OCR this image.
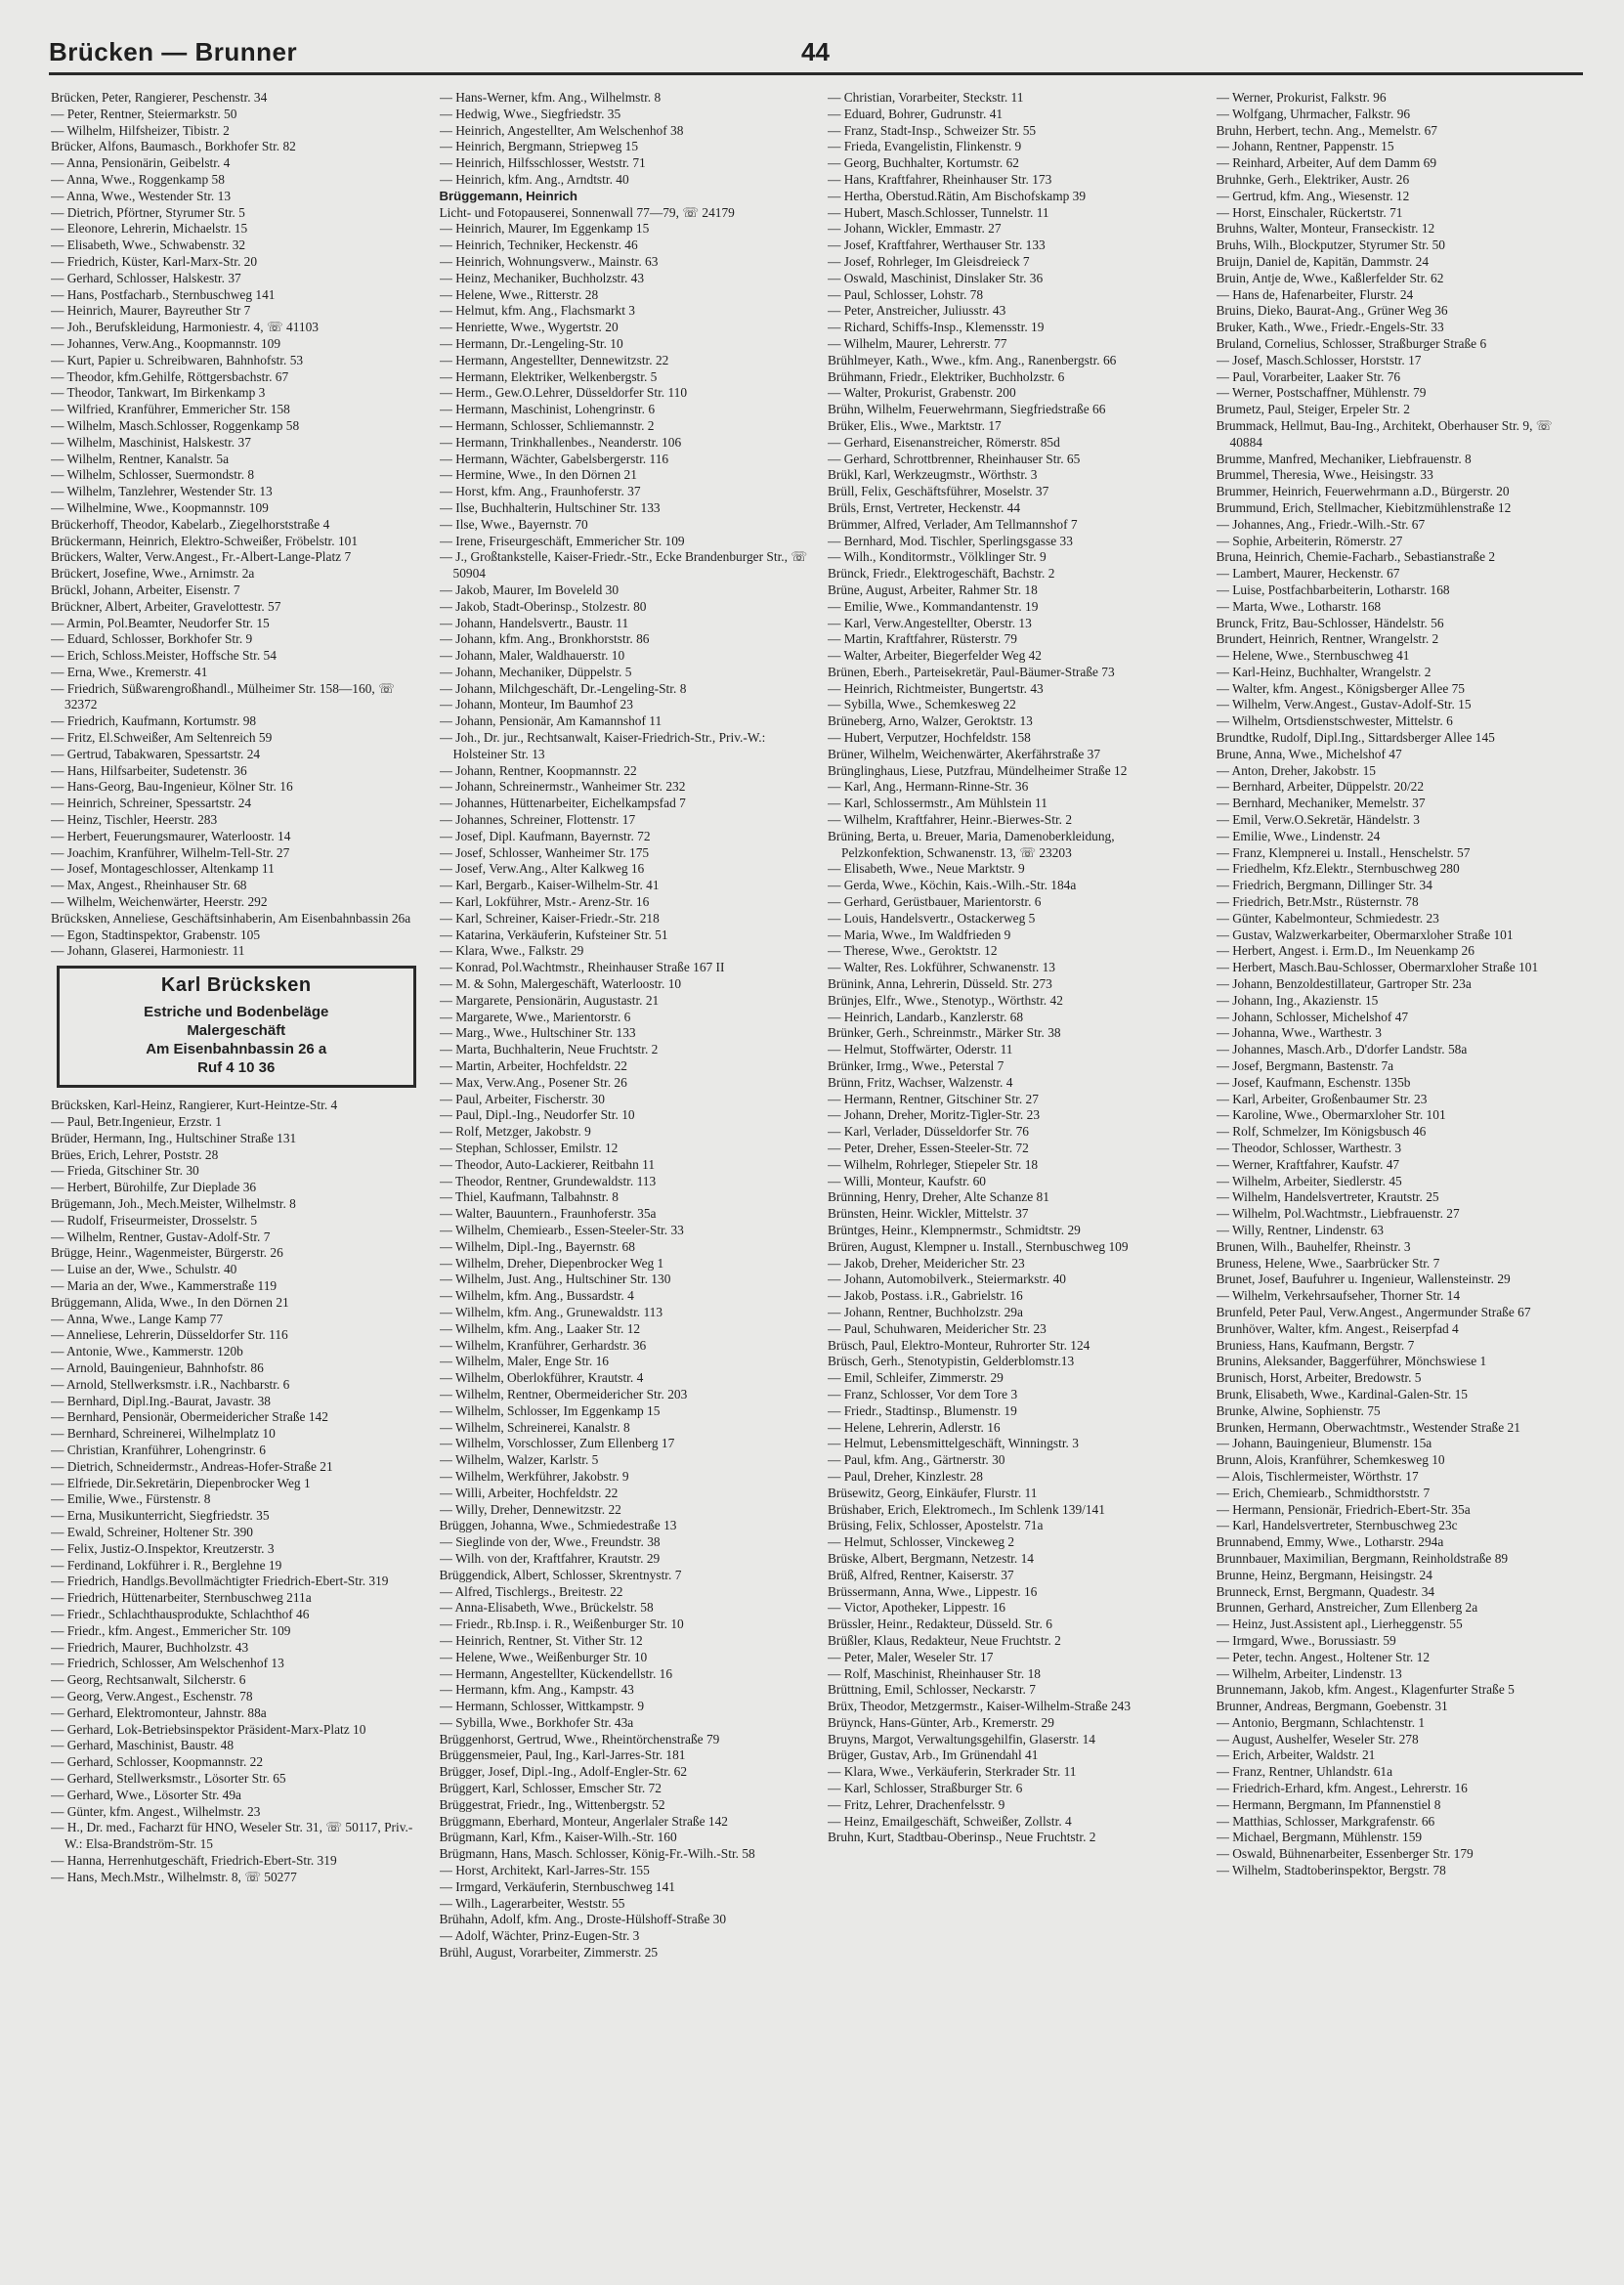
Brücken — Brunner	44
Brücken, Peter, Rangierer, Peschenstr. 34
— Peter, Rentner, Steiermarkstr. 50
— Wilhelm, Hilfsheizer, Tibistr. 2
Brücker, Alfons, Baumasch., Borkhofer Str. 82
— Anna, Pensionärin, Geibelstr. 4
— Anna, Wwe., Roggenkamp 58
— Anna, Wwe., Westender Str. 13
— Dietrich, Pförtner, Styrumer Str. 5
— Eleonore, Lehrerin, Michaelstr. 15
— Elisabeth, Wwe., Schwabenstr. 32
— Friedrich, Küster, Karl-Marx-Str. 20
— Gerhard, Schlosser, Halskestr. 37
— Hans, Postfacharb., Sternbuschweg 141
— Heinrich, Maurer, Bayreuther Str 7
— Joh., Berufskleidung, Harmoniestr. 4, ☏ 41103
— Johannes, Verw.Ang., Koopmannstr. 109
— Kurt, Papier u. Schreibwaren, Bahnhofstr. 53
— Theodor, kfm.Gehilfe, Röttgersbachstr. 67
— Theodor, Tankwart, Im Birkenkamp 3
— Wilfried, Kranführer, Emmericher Str. 158
— Wilhelm, Masch.Schlosser, Roggenkamp 58
— Wilhelm, Maschinist, Halskestr. 37
— Wilhelm, Rentner, Kanalstr. 5a
— Wilhelm, Schlosser, Suermondstr. 8
— Wilhelm, Tanzlehrer, Westender Str. 13
— Wilhelmine, Wwe., Koopmannstr. 109
Brückerhoff, Theodor, Kabelarb., Ziegelhorststraße 4
Brückermann, Heinrich, Elektro-Schweißer, Fröbelstr. 101
Brückers, Walter, Verw.Angest., Fr.-Albert-Lange-Platz 7
Brückert, Josefine, Wwe., Arnimstr. 2a
Brückl, Johann, Arbeiter, Eisenstr. 7
Brückner, Albert, Arbeiter, Gravelottestr. 57
— Armin, Pol.Beamter, Neudorfer Str. 15
— Eduard, Schlosser, Borkhofer Str. 9
— Erich, Schloss.Meister, Hoffsche Str. 54
— Erna, Wwe., Kremerstr. 41
— Friedrich, Süßwarengroßhandl., Mülheimer Str. 158—160, ☏ 32372
— Friedrich, Kaufmann, Kortumstr. 98
— Fritz, El.Schweißer, Am Seltenreich 59
— Gertrud, Tabakwaren, Spessartstr. 24
— Hans, Hilfsarbeiter, Sudetenstr. 36
— Hans-Georg, Bau-Ingenieur, Kölner Str. 16
— Heinrich, Schreiner, Spessartstr. 24
— Heinz, Tischler, Heerstr. 283
— Herbert, Feuerungsmaurer, Waterloostr. 14
— Joachim, Kranführer, Wilhelm-Tell-Str. 27
— Josef, Montageschlosser, Altenkamp 11
— Max, Angest., Rheinhauser Str. 68
— Wilhelm, Weichenwärter, Heerstr. 292
Brücksken, Anneliese, Geschäftsinhaberin, Am Eisenbahnbassin 26a
— Egon, Stadtinspektor, Grabenstr. 105
— Johann, Glaserei, Harmoniestr. 11
Karl Brücksken
Estriche und Bodenbeläge
Malergeschäft
Am Eisenbahnbassin 26 a
Ruf 4 10 36
Brücksken, Karl-Heinz, Rangierer, Kurt-Heintze-Str. 4
— Paul, Betr.Ingenieur, Erzstr. 1
Brüder, Hermann, Ing., Hultschiner Straße 131
Brües, Erich, Lehrer, Poststr. 28
— Frieda, Gitschiner Str. 30
— Herbert, Bürohilfe, Zur Dieplade 36
Brügemann, Joh., Mech.Meister, Wilhelmstr. 8
— Rudolf, Friseurmeister, Drosselstr. 5
— Wilhelm, Rentner, Gustav-Adolf-Str. 7
Brügge, Heinr., Wagenmeister, Bürgerstr. 26
— Luise an der, Wwe., Schulstr. 40
— Maria an der, Wwe., Kammerstraße 119
Brüggemann, Alida, Wwe., In den Dörnen 21
— Anna, Wwe., Lange Kamp 77
— Anneliese, Lehrerin, Düsseldorfer Str. 116
— Antonie, Wwe., Kammerstr. 120b
— Arnold, Bauingenieur, Bahnhofstr. 86
— Arnold, Stellwerksmstr. i.R., Nachbarstr. 6
— Bernhard, Dipl.Ing.-Baurat, Javastr. 38
— Bernhard, Pensionär, Obermeidericher Straße 142
— Bernhard, Schreinerei, Wilhelmplatz 10
— Christian, Kranführer, Lohengrinstr. 6
— Dietrich, Schneidermstr., Andreas-Hofer-Straße 21
— Elfriede, Dir.Sekretärin, Diepenbrocker Weg 1
— Emilie, Wwe., Fürstenstr. 8
— Erna, Musikunterricht, Siegfriedstr. 35
— Ewald, Schreiner, Holtener Str. 390
— Felix, Justiz-O.Inspektor, Kreutzerstr. 3
— Ferdinand, Lokführer i. R., Berglehne 19
— Friedrich, Handlgs.Bevollmächtigter Friedrich-Ebert-Str. 319
— Friedrich, Hüttenarbeiter, Sternbuschweg 211a
— Friedr., Schlachthausprodukte, Schlachthof 46
— Friedr., kfm. Angest., Emmericher Str. 109
— Friedrich, Maurer, Buchholzstr. 43
— Friedrich, Schlosser, Am Welschenhof 13
— Georg, Rechtsanwalt, Silcherstr. 6
— Georg, Verw.Angest., Eschenstr. 78
— Gerhard, Elektromonteur, Jahnstr. 88a
— Gerhard, Lok-Betriebsinspektor Präsident-Marx-Platz 10
— Gerhard, Maschinist, Baustr. 48
— Gerhard, Schlosser, Koopmannstr. 22
— Gerhard, Stellwerksmstr., Lösorter Str. 65
— Gerhard, Wwe., Lösorter Str. 49a
— Günter, kfm. Angest., Wilhelmstr. 23
— H., Dr. med., Facharzt für HNO, Weseler Str. 31, ☏ 50117, Priv.-W.: Elsa-Brandström-Str. 15
— Hanna, Herrenhutgeschäft, Friedrich-Ebert-Str. 319
— Hans, Mech.Mstr., Wilhelmstr. 8, ☏ 50277
— Hans-Werner, kfm. Ang., Wilhelmstr. 8
— Hedwig, Wwe., Siegfriedstr. 35
— Heinrich, Angestellter, Am Welschenhof 38
— Heinrich, Bergmann, Striepweg 15
— Heinrich, Hilfsschlosser, Weststr. 71
— Heinrich, kfm. Ang., Arndtstr. 40
Brüggemann, Heinrich
Licht- und Fotopauserei, Sonnenwall 77—79, ☏ 24179
— Heinrich, Maurer, Im Eggenkamp 15
— Heinrich, Techniker, Heckenstr. 46
— Heinrich, Wohnungsverw., Mainstr. 63
— Heinz, Mechaniker, Buchholzstr. 43
— Helene, Wwe., Ritterstr. 28
— Helmut, kfm. Ang., Flachsmarkt 3
— Henriette, Wwe., Wygertstr. 20
— Hermann, Dr.-Lengeling-Str. 10
— Hermann, Angestellter, Dennewitzstr. 22
— Hermann, Elektriker, Welkenbergstr. 5
— Herm., Gew.O.Lehrer, Düsseldorfer Str. 110
— Hermann, Maschinist, Lohengrinstr. 6
— Hermann, Schlosser, Schliemannstr. 2
— Hermann, Trinkhallenbes., Neanderstr. 106
— Hermann, Wächter, Gabelsbergerstr. 116
— Hermine, Wwe., In den Dörnen 21
— Horst, kfm. Ang., Fraunhoferstr. 37
— Ilse, Buchhalterin, Hultschiner Str. 133
— Ilse, Wwe., Bayernstr. 70
— Irene, Friseurgeschäft, Emmericher Str. 109
— J., Großtankstelle, Kaiser-Friedr.-Str., Ecke Brandenburger Str., ☏ 50904
— Jakob, Maurer, Im Boveleld 30
— Jakob, Stadt-Oberinsp., Stolzestr. 80
— Johann, Handelsvertr., Baustr. 11
— Johann, kfm. Ang., Bronkhorststr. 86
— Johann, Maler, Waldhauerstr. 10
— Johann, Mechaniker, Düppelstr. 5
— Johann, Milchgeschäft, Dr.-Lengeling-Str. 8
— Johann, Monteur, Im Baumhof 23
— Johann, Pensionär, Am Kamannshof 11
— Joh., Dr. jur., Rechtsanwalt, Kaiser-Friedrich-Str., Priv.-W.: Holsteiner Str. 13
— Johann, Rentner, Koopmannstr. 22
— Johann, Schreinermstr., Wanheimer Str. 232
— Johannes, Hüttenarbeiter, Eichelkampsfad 7
— Johannes, Schreiner, Flottenstr. 17
— Josef, Dipl. Kaufmann, Bayernstr. 72
— Josef, Schlosser, Wanheimer Str. 175
— Josef, Verw.Ang., Alter Kalkweg 16
— Karl, Bergarb., Kaiser-Wilhelm-Str. 41
— Karl, Lokführer, Mstr.- Arenz-Str. 16
— Karl, Schreiner, Kaiser-Friedr.-Str. 218
— Katarina, Verkäuferin, Kufsteiner Str. 51
— Klara, Wwe., Falkstr. 29
— Konrad, Pol.Wachtmstr., Rheinhauser Straße 167 II
— M. & Sohn, Malergeschäft, Waterloostr. 10
— Margarete, Pensionärin, Augustastr. 21
— Margarete, Wwe., Marientorstr. 6
— Marg., Wwe., Hultschiner Str. 133
— Marta, Buchhalterin, Neue Fruchtstr. 2
— Martin, Arbeiter, Hochfeldstr. 22
— Max, Verw.Ang., Posener Str. 26
— Paul, Arbeiter, Fischerstr. 30
— Paul, Dipl.-Ing., Neudorfer Str. 10
— Rolf, Metzger, Jakobstr. 9
— Stephan, Schlosser, Emilstr. 12
— Theodor, Auto-Lackierer, Reitbahn 11
— Theodor, Rentner, Grundewaldstr. 113
— Thiel, Kaufmann, Talbahnstr. 8
— Walter, Bauuntern., Fraunhoferstr. 35a
— Wilhelm, Chemiearb., Essen-Steeler-Str. 33
— Wilhelm, Dipl.-Ing., Bayernstr. 68
— Wilhelm, Dreher, Diepenbrocker Weg 1
— Wilhelm, Just. Ang., Hultschiner Str. 130
— Wilhelm, kfm. Ang., Bussardstr. 4
— Wilhelm, kfm. Ang., Grunewaldstr. 113
— Wilhelm, kfm. Ang., Laaker Str. 12
— Wilhelm, Kranführer, Gerhardstr. 36
— Wilhelm, Maler, Enge Str. 16
— Wilhelm, Oberlokführer, Krautstr. 4
— Wilhelm, Rentner, Obermeidericher Str. 203
— Wilhelm, Schlosser, Im Eggenkamp 15
— Wilhelm, Schreinerei, Kanalstr. 8
— Wilhelm, Vorschlosser, Zum Ellenberg 17
— Wilhelm, Walzer, Karlstr. 5
— Wilhelm, Werkführer, Jakobstr. 9
— Willi, Arbeiter, Hochfeldstr. 22
— Willy, Dreher, Dennewitzstr. 22
Brüggen, Johanna, Wwe., Schmiedestraße 13
— Sieglinde von der, Wwe., Freundstr. 38
— Wilh. von der, Kraftfahrer, Krautstr. 29
Brüggendick, Albert, Schlosser, Skrentnystr. 7
— Alfred, Tischlergs., Breitestr. 22
— Anna-Elisabeth, Wwe., Brückelstr. 58
— Friedr., Rb.Insp. i. R., Weißenburger Str. 10
— Heinrich, Rentner, St. Vither Str. 12
— Helene, Wwe., Weißenburger Str. 10
— Hermann, Angestellter, Kückendellstr. 16
— Hermann, kfm. Ang., Kampstr. 43
— Hermann, Schlosser, Wittkampstr. 9
— Sybilla, Wwe., Borkhofer Str. 43a
Brüggenhorst, Gertrud, Wwe., Rheintörchenstraße 79
Brüggensmeier, Paul, Ing., Karl-Jarres-Str. 181
Brügger, Josef, Dipl.-Ing., Adolf-Engler-Str. 62
Brüggert, Karl, Schlosser, Emscher Str. 72
Brüggestrat, Friedr., Ing., Wittenbergstr. 52
Brüggmann, Eberhard, Monteur, Angerlaler Straße 142
Brügmann, Karl, Kfm., Kaiser-Wilh.-Str. 160
Brügmann, Hans, Masch. Schlosser, König-Fr.-Wilh.-Str. 58
— Horst, Architekt, Karl-Jarres-Str. 155
— Irmgard, Verkäuferin, Sternbuschweg 141
— Wilh., Lagerarbeiter, Weststr. 55
Brühahn, Adolf, kfm. Ang., Droste-Hülshoff-Straße 30
— Adolf, Wächter, Prinz-Eugen-Str. 3
Brühl, August, Vorarbeiter, Zimmerstr. 25
— Christian, Vorarbeiter, Steckstr. 11
— Eduard, Bohrer, Gudrunstr. 41
— Franz, Stadt-Insp., Schweizer Str. 55
— Frieda, Evangelistin, Flinkenstr. 9
— Georg, Buchhalter, Kortumstr. 62
— Hans, Kraftfahrer, Rheinhauser Str. 173
— Hertha, Oberstud.Rätin, Am Bischofskamp 39
— Hubert, Masch.Schlosser, Tunnelstr. 11
— Johann, Wickler, Emmastr. 27
— Josef, Kraftfahrer, Werthauser Str. 133
— Josef, Rohrleger, Im Gleisdreieck 7
— Oswald, Maschinist, Dinslaker Str. 36
— Paul, Schlosser, Lohstr. 78
— Peter, Anstreicher, Juliusstr. 43
— Richard, Schiffs-Insp., Klemensstr. 19
— Wilhelm, Maurer, Lehrerstr. 77
Brühlmeyer, Kath., Wwe., kfm. Ang., Ranenbergstr. 66
Brühmann, Friedr., Elektriker, Buchholzstr. 6
— Walter, Prokurist, Grabenstr. 200
Brühn, Wilhelm, Feuerwehrmann, Siegfriedstraße 66
Brüker, Elis., Wwe., Marktstr. 17
— Gerhard, Eisenanstreicher, Römerstr. 85d
— Gerhard, Schrottbrenner, Rheinhauser Str. 65
Brükl, Karl, Werkzeugmstr., Wörthstr. 3
Brüll, Felix, Geschäftsführer, Moselstr. 37
Brüls, Ernst, Vertreter, Heckenstr. 44
Brümmer, Alfred, Verlader, Am Tellmannshof 7
— Bernhard, Mod. Tischler, Sperlingsgasse 33
— Wilh., Konditormstr., Völklinger Str. 9
Brünck, Friedr., Elektrogeschäft, Bachstr. 2
Brüne, August, Arbeiter, Rahmer Str. 18
— Emilie, Wwe., Kommandantenstr. 19
— Karl, Verw.Angestellter, Oberstr. 13
— Martin, Kraftfahrer, Rüsterstr. 79
— Walter, Arbeiter, Biegerfelder Weg 42
Brünen, Eberh., Parteisekretär, Paul-Bäumer-Straße 73
— Heinrich, Richtmeister, Bungertstr. 43
— Sybilla, Wwe., Schemkesweg 22
Brüneberg, Arno, Walzer, Geroktstr. 13
— Hubert, Verputzer, Hochfeldstr. 158
Brüner, Wilhelm, Weichenwärter, Akerfährstraße 37
Brünglinghaus, Liese, Putzfrau, Mündelheimer Straße 12
— Karl, Ang., Hermann-Rinne-Str. 36
— Karl, Schlossermstr., Am Mühlstein 11
— Wilhelm, Kraftfahrer, Heinr.-Bierwes-Str. 2
Brüning, Berta, u. Breuer, Maria, Damenoberkleidung, Pelzkonfektion, Schwanenstr. 13, ☏ 23203
— Elisabeth, Wwe., Neue Marktstr. 9
— Gerda, Wwe., Köchin, Kais.-Wilh.-Str. 184a
— Gerhard, Gerüstbauer, Marientorstr. 6
— Louis, Handelsvertr., Ostackerweg 5
— Maria, Wwe., Im Waldfrieden 9
— Therese, Wwe., Geroktstr. 12
— Walter, Res. Lokführer, Schwanenstr. 13
Brünink, Anna, Lehrerin, Düsseld. Str. 273
Brünjes, Elfr., Wwe., Stenotyp., Wörthstr. 42
— Heinrich, Landarb., Kanzlerstr. 68
Brünker, Gerh., Schreinmstr., Märker Str. 38
— Helmut, Stoffwärter, Oderstr. 11
Brünker, Irmg., Wwe., Peterstal 7
Brünn, Fritz, Wachser, Walzenstr. 4
— Hermann, Rentner, Gitschiner Str. 27
— Johann, Dreher, Moritz-Tigler-Str. 23
— Karl, Verlader, Düsseldorfer Str. 76
— Peter, Dreher, Essen-Steeler-Str. 72
— Wilhelm, Rohrleger, Stiepeler Str. 18
— Willi, Monteur, Kaufstr. 60
Brünning, Henry, Dreher, Alte Schanze 81
Brünsten, Heinr. Wickler, Mittelstr. 37
Brüntges, Heinr., Klempnermstr., Schmidtstr. 29
Brüren, August, Klempner u. Install., Sternbuschweg 109
— Jakob, Dreher, Meidericher Str. 23
— Johann, Automobilverk., Steiermarkstr. 40
— Jakob, Postass. i.R., Gabrielstr. 16
— Johann, Rentner, Buchholzstr. 29a
— Paul, Schuhwaren, Meidericher Str. 23
Brüsch, Paul, Elektro-Monteur, Ruhrorter Str. 124
Brüsch, Gerh., Stenotypistin, Gelderblomstr.13
— Emil, Schleifer, Zimmerstr. 29
— Franz, Schlosser, Vor dem Tore 3
— Friedr., Stadtinsp., Blumenstr. 19
— Helene, Lehrerin, Adlerstr. 16
— Helmut, Lebensmittelgeschäft, Winningstr. 3
— Paul, kfm. Ang., Gärtnerstr. 30
— Paul, Dreher, Kinzlestr. 28
Brüsewitz, Georg, Einkäufer, Flurstr. 11
Brüshaber, Erich, Elektromech., Im Schlenk 139/141
Brüsing, Felix, Schlosser, Apostelstr. 71a
— Helmut, Schlosser, Vinckeweg 2
Brüske, Albert, Bergmann, Netzestr. 14
Brüß, Alfred, Rentner, Kaiserstr. 37
Brüssermann, Anna, Wwe., Lippestr. 16
— Victor, Apotheker, Lippestr. 16
Brüssler, Heinr., Redakteur, Düsseld. Str. 6
Brüßler, Klaus, Redakteur, Neue Fruchtstr. 2
— Peter, Maler, Weseler Str. 17
— Rolf, Maschinist, Rheinhauser Str. 18
Brüttning, Emil, Schlosser, Neckarstr. 7
Brüx, Theodor, Metzgermstr., Kaiser-Wilhelm-Straße 243
Brüynck, Hans-Günter, Arb., Kremerstr. 29
Bruyns, Margot, Verwaltungsgehilfin, Glaserstr. 14
Brüger, Gustav, Arb., Im Grünendahl 41
— Klara, Wwe., Verkäuferin, Sterkrader Str. 11
— Karl, Schlosser, Straßburger Str. 6
— Fritz, Lehrer, Drachenfelsstr. 9
— Heinz, Emailgeschäft, Schweißer, Zollstr. 4
Bruhn, Kurt, Stadtbau-Oberinsp., Neue Fruchtstr. 2
— Werner, Prokurist, Falkstr. 96
— Wolfgang, Uhrmacher, Falkstr. 96
Bruhn, Herbert, techn. Ang., Memelstr. 67
— Johann, Rentner, Pappenstr. 15
— Reinhard, Arbeiter, Auf dem Damm 69
Bruhnke, Gerh., Elektriker, Austr. 26
— Gertrud, kfm. Ang., Wiesenstr. 12
— Horst, Einschaler, Rückertstr. 71
Bruhns, Walter, Monteur, Franseckistr. 12
Bruhs, Wilh., Blockputzer, Styrumer Str. 50
Bruijn, Daniel de, Kapitän, Dammstr. 24
Bruin, Antje de, Wwe., Kaßlerfelder Str. 62
— Hans de, Hafenarbeiter, Flurstr. 24
Bruins, Dieko, Baurat-Ang., Grüner Weg 36
Bruker, Kath., Wwe., Friedr.-Engels-Str. 33
Bruland, Cornelius, Schlosser, Straßburger Straße 6
— Josef, Masch.Schlosser, Horststr. 17
— Paul, Vorarbeiter, Laaker Str. 76
— Werner, Postschaffner, Mühlenstr. 79
Brumetz, Paul, Steiger, Erpeler Str. 2
Brummack, Hellmut, Bau-Ing., Architekt, Oberhauser Str. 9, ☏ 40884
Brumme, Manfred, Mechaniker, Liebfrauenstr. 8
Brummel, Theresia, Wwe., Heisingstr. 33
Brummer, Heinrich, Feuerwehrmann a.D., Bürgerstr. 20
Brummund, Erich, Stellmacher, Kiebitzmühlenstraße 12
— Johannes, Ang., Friedr.-Wilh.-Str. 67
— Sophie, Arbeiterin, Römerstr. 27
Bruna, Heinrich, Chemie-Facharb., Sebastianstraße 2
— Lambert, Maurer, Heckenstr. 67
— Luise, Postfachbarbeiterin, Lotharstr. 168
— Marta, Wwe., Lotharstr. 168
Brunck, Fritz, Bau-Schlosser, Händelstr. 56
Brundert, Heinrich, Rentner, Wrangelstr. 2
— Helene, Wwe., Sternbuschweg 41
— Karl-Heinz, Buchhalter, Wrangelstr. 2
— Walter, kfm. Angest., Königsberger Allee 75
— Wilhelm, Verw.Angest., Gustav-Adolf-Str. 15
— Wilhelm, Ortsdienstschwester, Mittelstr. 6
Brundtke, Rudolf, Dipl.Ing., Sittardsberger Allee 145
Brune, Anna, Wwe., Michelshof 47
— Anton, Dreher, Jakobstr. 15
— Bernhard, Arbeiter, Düppelstr. 20/22
— Bernhard, Mechaniker, Memelstr. 37
— Emil, Verw.O.Sekretär, Händelstr. 3
— Emilie, Wwe., Lindenstr. 24
— Franz, Klempnerei u. Install., Henschelstr. 57
— Friedhelm, Kfz.Elektr., Sternbuschweg 280
— Friedrich, Bergmann, Dillinger Str. 34
— Friedrich, Betr.Mstr., Rüsternstr. 78
— Günter, Kabelmonteur, Schmiedestr. 23
— Gustav, Walzwerkarbeiter, Obermarxloher Straße 101
— Herbert, Angest. i. Erm.D., Im Neuenkamp 26
— Herbert, Masch.Bau-Schlosser, Obermarxloher Straße 101
— Johann, Benzoldestillateur, Gartroper Str. 23a
— Johann, Ing., Akazienstr. 15
— Johann, Schlosser, Michelshof 47
— Johanna, Wwe., Warthestr. 3
— Johannes, Masch.Arb., D'dorfer Landstr. 58a
— Josef, Bergmann, Bastenstr. 7a
— Josef, Kaufmann, Eschenstr. 135b
— Karl, Arbeiter, Großenbaumer Str. 23
— Karoline, Wwe., Obermarxloher Str. 101
— Rolf, Schmelzer, Im Königsbusch 46
— Theodor, Schlosser, Warthestr. 3
— Werner, Kraftfahrer, Kaufstr. 47
— Wilhelm, Arbeiter, Siedlerstr. 45
— Wilhelm, Handelsvertreter, Krautstr. 25
— Wilhelm, Pol.Wachtmstr., Liebfrauenstr. 27
— Willy, Rentner, Lindenstr. 63
Brunen, Wilh., Bauhelfer, Rheinstr. 3
Bruness, Helene, Wwe., Saarbrücker Str. 7
Brunet, Josef, Baufuhrer u. Ingenieur, Wallensteinstr. 29
— Wilhelm, Verkehrsaufseher, Thorner Str. 14
Brunfeld, Peter Paul, Verw.Angest., Angermunder Straße 67
Brunhöver, Walter, kfm. Angest., Reiserpfad 4
Bruniess, Hans, Kaufmann, Bergstr. 7
Brunins, Aleksander, Baggerführer, Mönchswiese 1
Brunisch, Horst, Arbeiter, Bredowstr. 5
Brunk, Elisabeth, Wwe., Kardinal-Galen-Str. 15
Brunke, Alwine, Sophienstr. 75
Brunken, Hermann, Oberwachtmstr., Westender Straße 21
— Johann, Bauingenieur, Blumenstr. 15a
Brunn, Alois, Kranführer, Schemkesweg 10
— Alois, Tischlermeister, Wörthstr. 17
— Erich, Chemiearb., Schmidthorststr. 7
— Hermann, Pensionär, Friedrich-Ebert-Str. 35a
— Karl, Handelsvertreter, Sternbuschweg 23c
Brunnabend, Emmy, Wwe., Lotharstr. 294a
Brunnbauer, Maximilian, Bergmann, Reinholdstraße 89
Brunne, Heinz, Bergmann, Heisingstr. 24
Brunneck, Ernst, Bergmann, Quadestr. 34
Brunnen, Gerhard, Anstreicher, Zum Ellenberg 2a
— Heinz, Just.Assistent apl., Lierheggenstr. 55
— Irmgard, Wwe., Borussiastr. 59
— Peter, techn. Angest., Holtener Str. 12
— Wilhelm, Arbeiter, Lindenstr. 13
Brunnemann, Jakob, kfm. Angest., Klagenfurter Straße 5
Brunner, Andreas, Bergmann, Goebenstr. 31
— Antonio, Bergmann, Schlachtenstr. 1
— August, Aushelfer, Weseler Str. 278
— Erich, Arbeiter, Waldstr. 21
— Franz, Rentner, Uhlandstr. 61a
— Friedrich-Erhard, kfm. Angest., Lehrerstr. 16
— Hermann, Bergmann, Im Pfannenstiel 8
— Matthias, Schlosser, Markgrafenstr. 66
— Michael, Bergmann, Mühlenstr. 159
— Oswald, Bühnenarbeiter, Essenberger Str. 179
— Wilhelm, Stadtoberinspektor, Bergstr. 78
